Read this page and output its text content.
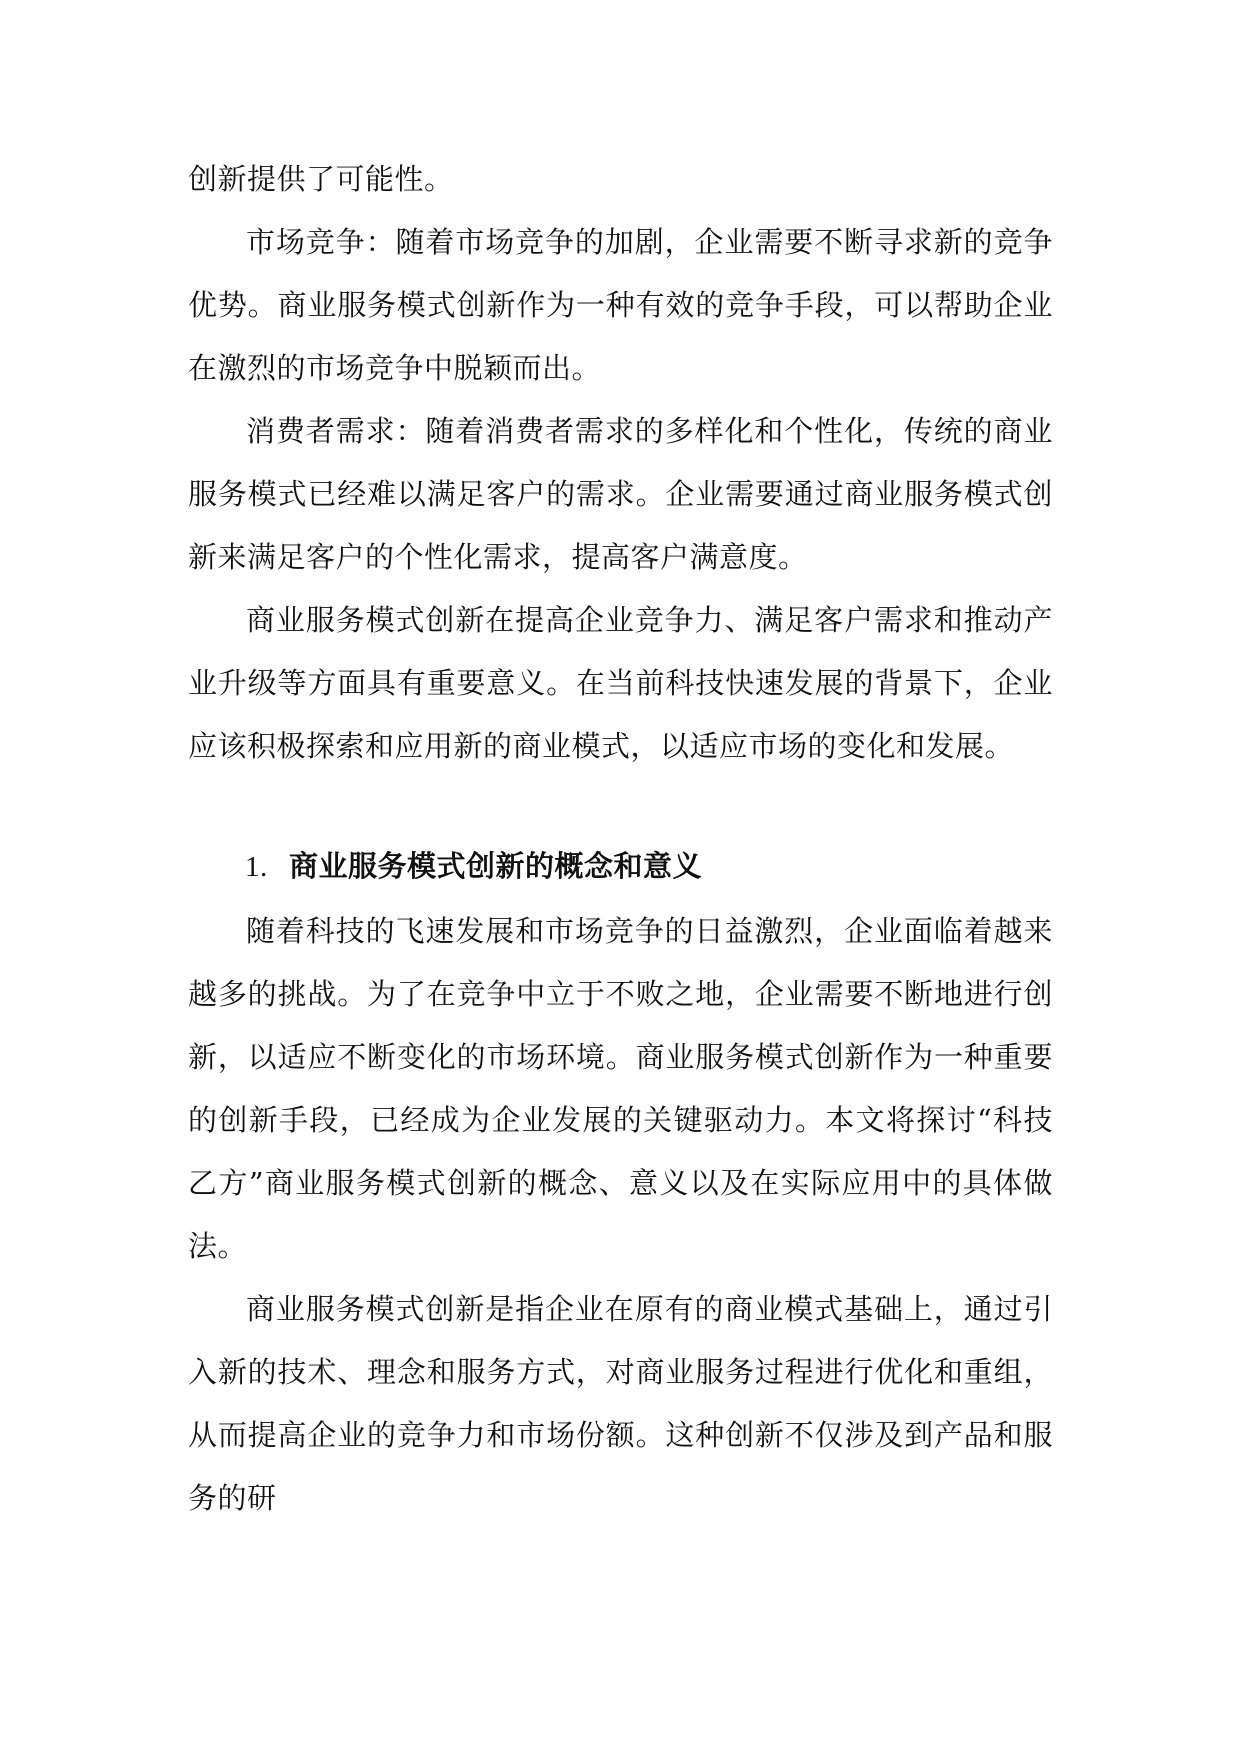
创新提供了可能性。

市场竞争：随着市场竞争的加剧，企业需要不断寻求新的竞争优势。商业服务模式创新作为一种有效的竞争手段，可以帮助企业在激烈的市场竞争中脱颖而出。

消费者需求：随着消费者需求的多样化和个性化，传统的商业服务模式已经难以满足客户的需求。企业需要通过商业服务模式创新来满足客户的个性化需求，提高客户满意度。

商业服务模式创新在提高企业竞争力、满足客户需求和推动产业升级等方面具有重要意义。在当前科技快速发展的背景下，企业应该积极探索和应用新的商业模式，以适应市场的变化和发展。

1. 商业服务模式创新的概念和意义

随着科技的飞速发展和市场竞争的日益激烈，企业面临着越来越多的挑战。为了在竞争中立于不败之地，企业需要不断地进行创新，以适应不断变化的市场环境。商业服务模式创新作为一种重要的创新手段，已经成为企业发展的关键驱动力。本文将探讨“科技乙方”商业服务模式创新的概念、意义以及在实际应用中的具体做法。

商业服务模式创新是指企业在原有的商业模式基础上，通过引入新的技术、理念和服务方式，对商业服务过程进行优化和重组，从而提高企业的竞争力和市场份额。这种创新不仅涉及到产品和服务的研
